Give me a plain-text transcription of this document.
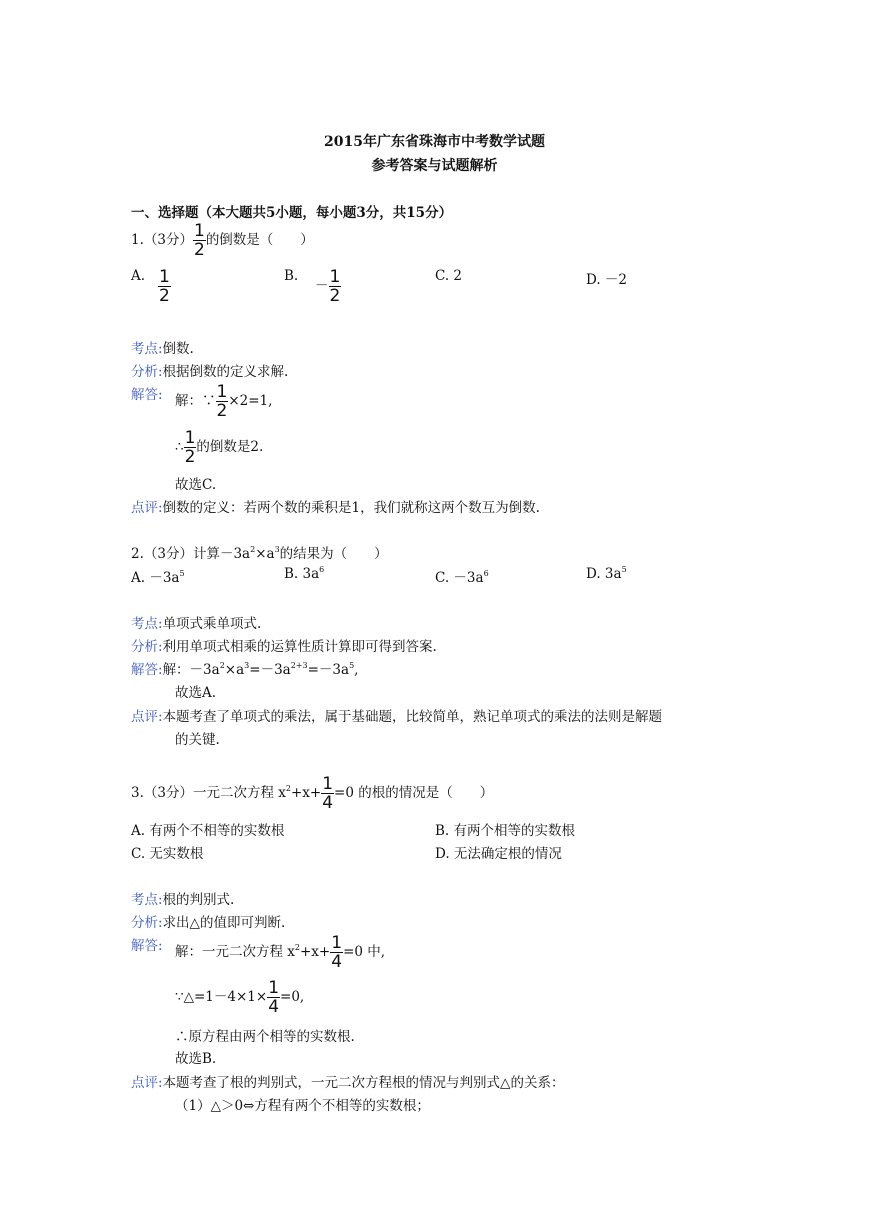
2015年广东省珠海市中考数学试题
参考答案与试题解析
一、选择题（本大题共5小题，每小题3分，共15分）
1.（3分） $\frac{1}{2}$ 的倒数是（　　）
A. $\frac{1}{2}$	B.
－ $\frac{1}{2}$	C. 2	D. －2
考点:倒数.
分析:根据倒数的定义求解.
解答: 解：∵ $\frac{1}{2} \times 2=1$,
∴ $\frac{1}{2}$ 的倒数是2.
故选C.
点评:倒数的定义：若两个数的乘积是1，我们就称这两个数互为倒数.
2.（3分）计算$-3a^2\times a^3$的结果为（　　）
A. $-3a^5$	B. $3a^6$
C. $-3a^6$	D. $3a^5$
考点:单项式乘单项式.
分析:利用单项式相乘的运算性质计算即可得到答案.
解答:解：$-3a^2\times a^3=-3a^{2+3}=-3a^5$,
故选A.
点评:本题考查了单项式的乘法，属于基础题，比较简单，熟记单项式的乘法的法则是解题
的关键.
3.（3分）一元二次方程 $x^2+x+ \frac{1}{4} =0$ 的根的情况是（　　）
A. 有两个不相等的实数根	B. 有两个相等的实数根
C. 无实数根	D. 无法确定根的情况
考点:根的判别式.
分析:求出△的值即可判断.
解答: 解：一元二次方程 $x^2+x+ \frac{1}{4} =0$ 中,
∵△=1－4×1× $\frac{1}{4} =0$,
∴原方程由两个相等的实数根.
故选B.
点评:本题考查了根的判别式，一元二次方程根的情况与判别式△的关系：
（1）△＞0⇔方程有两个不相等的实数根；
